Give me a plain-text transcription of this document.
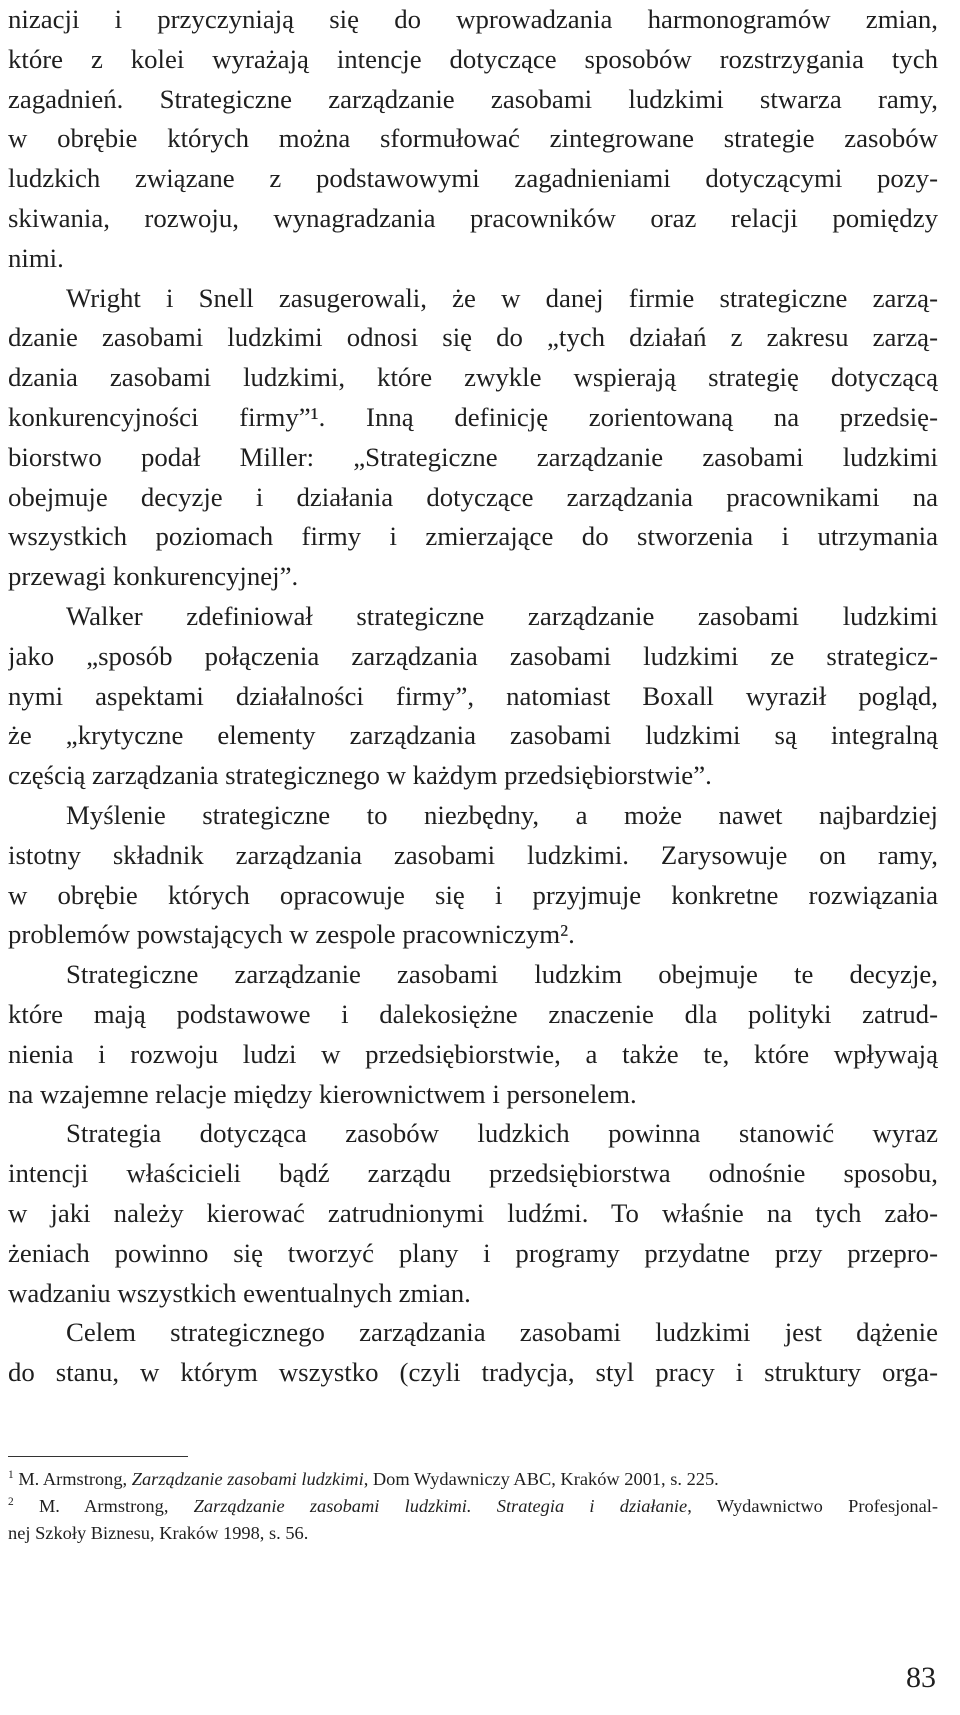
nizacji i przyczyniają się do wprowadzania harmonogramów zmian,
które z kolei wyrażają intencje dotyczące sposobów rozstrzygania tych
zagadnień. Strategiczne zarządzanie zasobami ludzkimi stwarza ramy,
w obrębie których można sformułować zintegrowane strategie zasobów
ludzkich związane z podstawowymi zagadnieniami dotyczącymi pozy-
skiwania, rozwoju, wynagradzania pracowników oraz relacji pomiędzy
nimi.
Wright i Snell zasugerowali, że w danej firmie strategiczne zarzą-
dzanie zasobami ludzkimi odnosi się do „tych działań z zakresu zarzą-
dzania zasobami ludzkimi, które zwykle wspierają strategię dotyczącą
konkurencyjności firmy”¹. Inną definicję zorientowaną na przedsię-
biorstwo podał Miller: „Strategiczne zarządzanie zasobami ludzkimi
obejmuje decyzje i działania dotyczące zarządzania pracownikami na
wszystkich poziomach firmy i zmierzające do stworzenia i utrzymania
przewagi konkurencyjnej”.
Walker zdefiniował strategiczne zarządzanie zasobami ludzkimi
jako „sposób połączenia zarządzania zasobami ludzkimi ze strategicz-
nymi aspektami działalności firmy”, natomiast Boxall wyraził pogląd,
że „krytyczne elementy zarządzania zasobami ludzkimi są integralną
częścią zarządzania strategicznego w każdym przedsiębiorstwie”.
Myślenie strategiczne to niezbędny, a może nawet najbardziej
istotny składnik zarządzania zasobami ludzkimi. Zarysowuje on ramy,
w obrębie których opracowuje się i przyjmuje konkretne rozwiązania
problemów powstających w zespole pracowniczym².
Strategiczne zarządzanie zasobami ludzkim obejmuje te decyzje,
które mają podstawowe i dalekosiężne znaczenie dla polityki zatrud-
nienia i rozwoju ludzi w przedsiębiorstwie, a także te, które wpływają
na wzajemne relacje między kierownictwem i personelem.
Strategia dotycząca zasobów ludzkich powinna stanowić wyraz
intencji właścicieli bądź zarządu przedsiębiorstwa odnośnie sposobu,
w jaki należy kierować zatrudnionymi ludźmi. To właśnie na tych zało-
żeniach powinno się tworzyć plany i programy przydatne przy przepro-
wadzaniu wszystkich ewentualnych zmian.
Celem strategicznego zarządzania zasobami ludzkimi jest dążenie
do stanu, w którym wszystko (czyli tradycja, styl pracy i struktury orga-
$^1$ M. Armstrong, Zarządzanie zasobami ludzkimi, Dom Wydawniczy ABC, Kraków 2001, s. 225.
$^2$ M. Armstrong, Zarządzanie zasobami ludzkimi. Strategia i działanie, Wydawnictwo Profesjonal-
nej Szkoły Biznesu, Kraków 1998, s. 56.
83
